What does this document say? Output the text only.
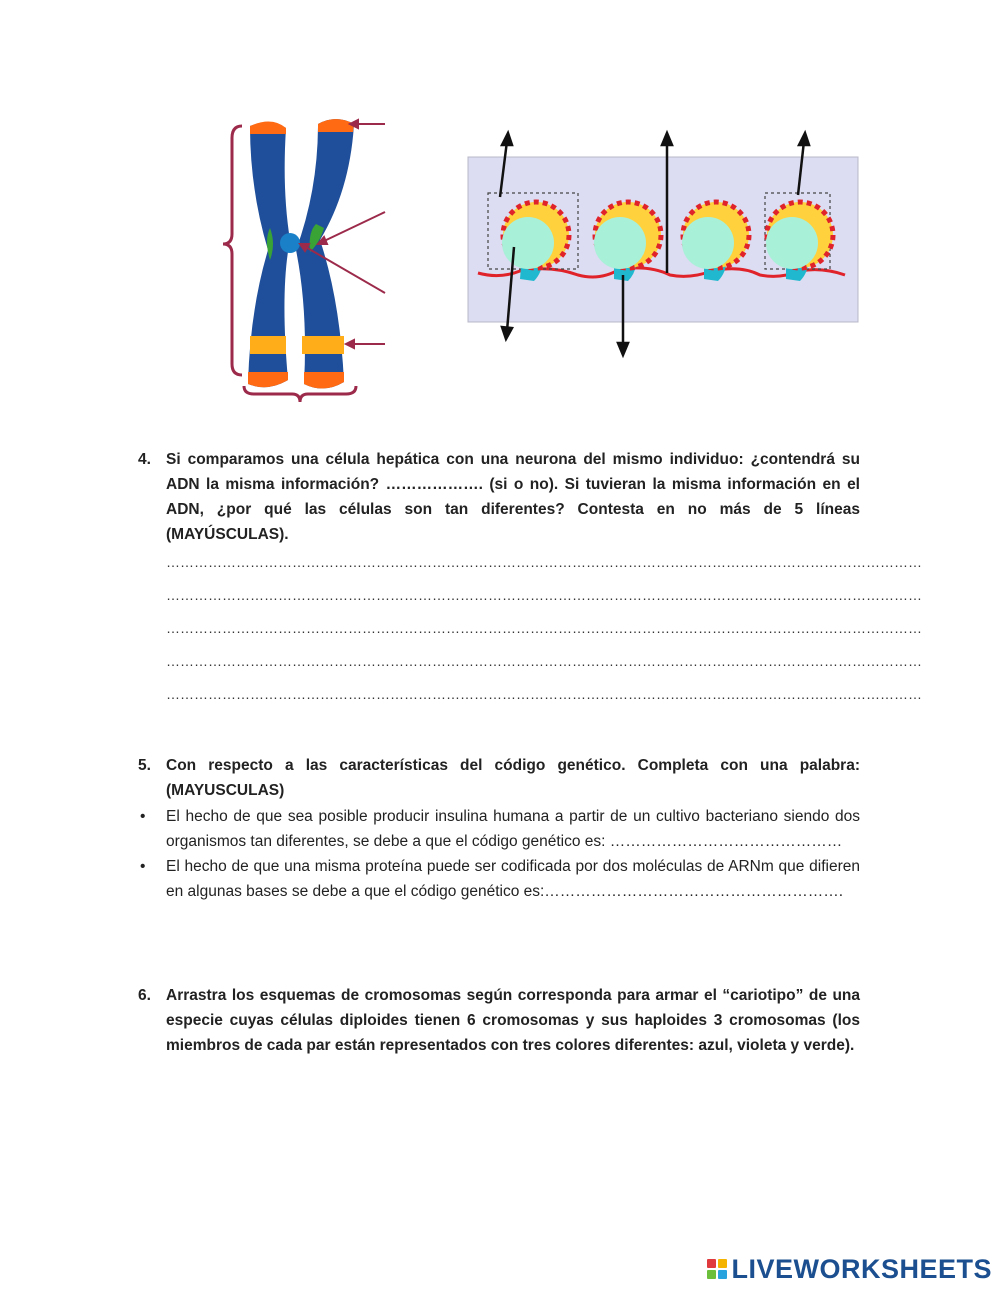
4. Si comparamos una célula hepática con una neurona del mismo individuo: ¿contendrá su ADN la misma información? ………………. (si o no). Si tuvieran la misma información en el ADN, ¿por qué las células son tan diferentes? Contesta en no más de 5 líneas (MAYÚSCULAS).
………………………………………………………………………………………………………………………………………………
………………………………………………………………………………………………………………………………………………
………………………………………………………………………………………………………………………………………………
………………………………………………………………………………………………………………………………………………
………………………………………………………………………………………………………………………………………………
5. Con respecto a las características del código genético. Completa con una palabra: (MAYUSCULAS)
• El hecho de que sea posible producir insulina humana a partir de un cultivo bacteriano siendo dos organismos tan diferentes, se debe a que el código genético es: ………………………………………
• El hecho de que una misma proteína puede ser codificada por dos moléculas de ARNm que difieren en algunas bases se debe a que el código genético es:………………………………………………….
6. Arrastra los esquemas de cromosomas según corresponda para armar el “cariotipo” de una especie cuyas células diploides tienen 6 cromosomas y sus haploides 3 cromosomas (los miembros de cada par están representados con tres colores diferentes: azul, violeta y verde).
LIVEWORKSHEETS
